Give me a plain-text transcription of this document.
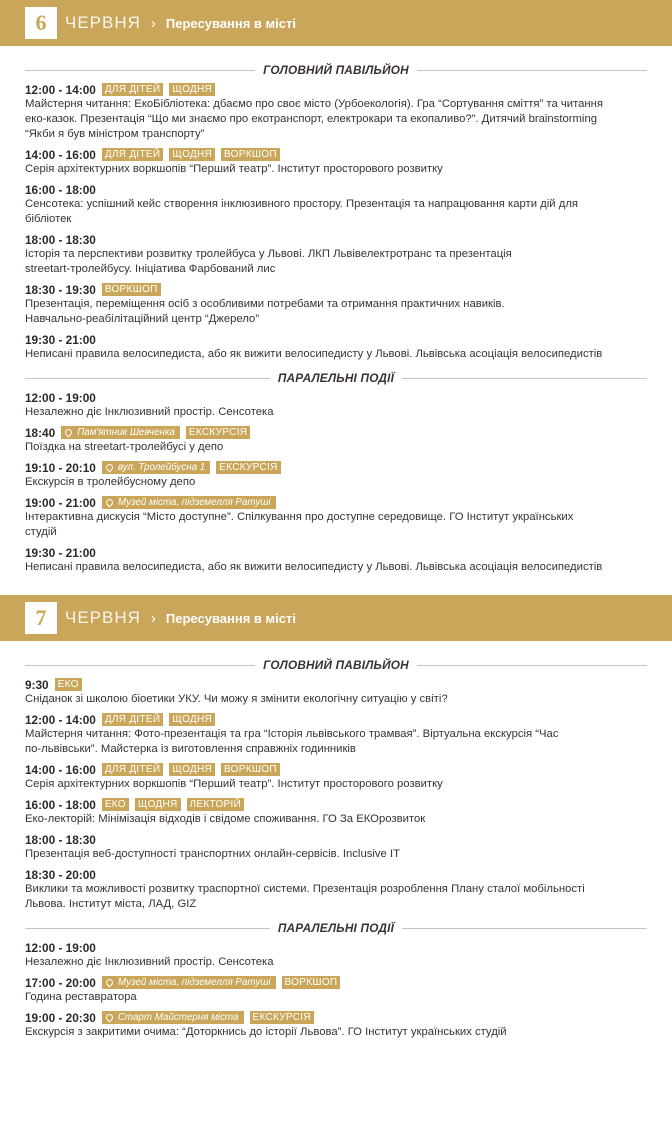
6	ЧЕРВНЯ › Пересування в місті
ГОЛОВНИЙ ПАВІЛЬЙОН
12:00 - 14:00 ДЛЯ ДІТЕЙ	ЩОДНЯ
Майстерня читання: ЕкоБібліотека: дбаємо про своє місто (Урбоекологія). Гра “Сортування сміття” та читання
еко-казок. Презентація “Що ми знаємо про екотранспорт, електрокари та екопаливо?”. Дитячий brainstorming
“Якби я був міністром транспорту”
14:00 - 16:00 ДЛЯ ДІТЕЙ	ЩОДНЯ	ВОРКШОП
Серія архітектурних воркшопів “Перший театр”. Інститут просторового розвитку
16:00 - 18:00
Сенсотека: успішний кейс створення інклюзивного простору. Презентація та напрацювання карти дій для
бібліотек
18:00 - 18:30
Історія та перспективи розвитку тролейбуса у Львові. ЛКП Львівелектротранс та презентація
streetart-тролейбусу. Ініціатива Фарбований лис
18:30 - 19:30 ВОРКШОП
Презентація, переміщення осіб з особливими потребами та отримання практичних навиків.
Навчально-реабілітаційний центр “Джерело”
19:30 - 21:00
Неписані правила велосипедиста, або як вижити велосипедисту у Львові. Львівська асоціація велосипедистів
ПАРАЛЕЛЬНІ ПОДІЇ
12:00 - 19:00
Незалежно діє Інклюзивний простір. Сенсотека
18:40 Пам'ятник Шевченка	ЕКСКУРСІЯ
Поїздка на streetart-тролейбусі у депо
19:10 - 20:10 вул. Тролейбусна 1	ЕКСКУРСІЯ
Екскурсія в тролейбусному депо
19:00 - 21:00 Музей міста, підземелля Ратуші
Інтерактивна дискусія “Місто доступне”. Спілкування про доступне середовище. ГО Інститут українських
студій
19:30 - 21:00
Неписані правила велосипедиста, або як вижити велосипедисту у Львові. Львівська асоціація велосипедистів
7	ЧЕРВНЯ › Пересування в місті
ГОЛОВНИЙ ПАВІЛЬЙОН
9:30 ЕКО
Сніданок зі школою біоетики УКУ. Чи можу я змінити екологічну ситуацію у світі?
12:00 - 14:00 ДЛЯ ДІТЕЙ	ЩОДНЯ
Майстерня читання: Фото-презентація та гра “Історія львівського трамвая”. Віртуальна екскурсія “Час
по-львівськи”. Майстерка із виготовлення справжніх годинників
14:00 - 16:00 ДЛЯ ДІТЕЙ	ЩОДНЯ	ВОРКШОП
Серія архітектурних воркшопів “Перший театр”. Інститут просторового розвитку
16:00 - 18:00 ЕКО	ЩОДНЯ	ЛЕКТОРІЙ
Еко-лекторій: Мінімізація відходів і свідоме споживання. ГО За ЕКОрозвиток
18:00 - 18:30
Презентація веб-доступності транспортних онлайн-сервісів. Inclusive IT
18:30 - 20:00
Виклики та можливості розвитку траспортної системи. Презентація розроблення Плану сталої мобільності
Львова. Інститут міста, ЛАД, GIZ
ПАРАЛЕЛЬНІ ПОДІЇ
12:00 - 19:00
Незалежно діє Інклюзивний простір. Сенсотека
17:00 - 20:00 Музей міста, підземелля Ратуші	ВОРКШОП
Година реставратора
19:00 - 20:30 Старт Майстерня міста	ЕКСКУРСІЯ
Екскурсія з закритими очима: “Доторкнись до історії Львова”. ГО Інститут українських студій
